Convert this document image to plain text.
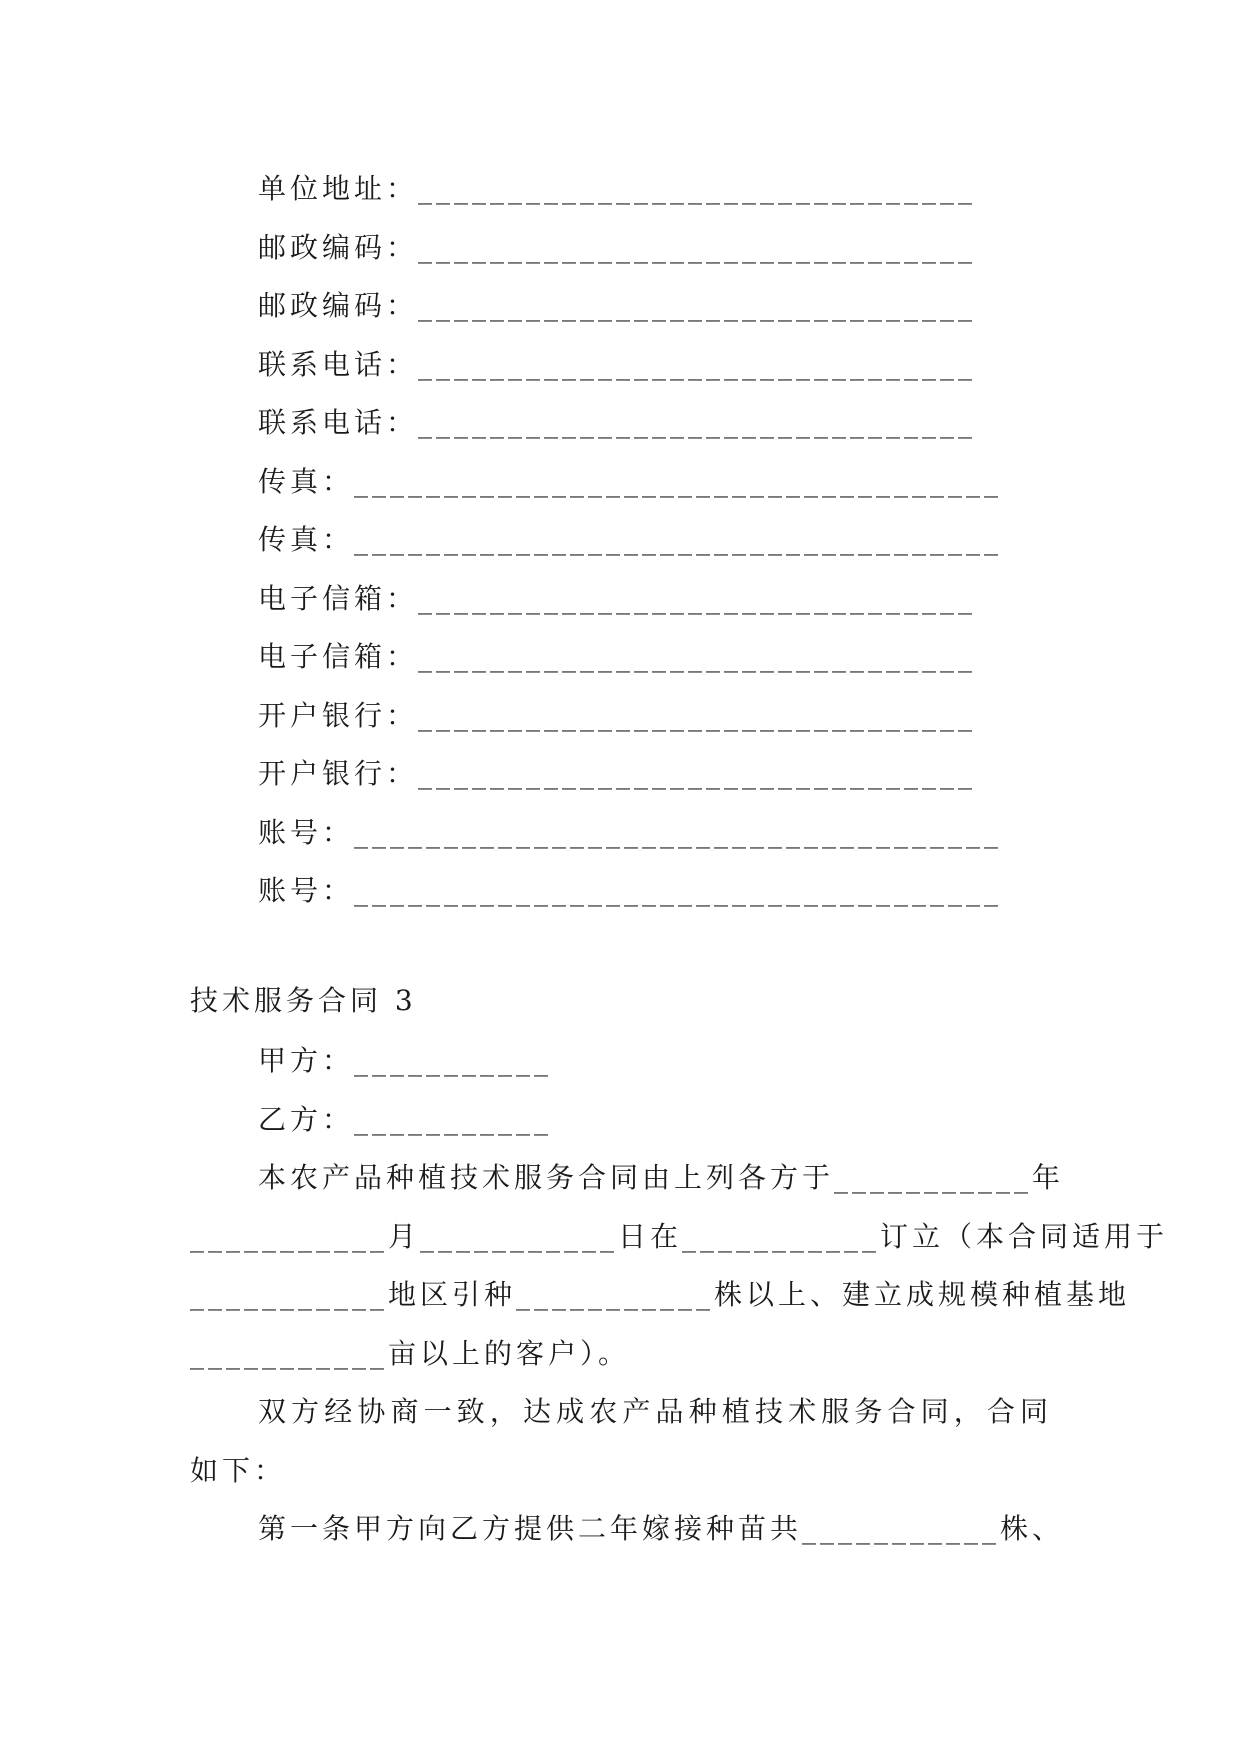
单位地址：_______________________________
邮政编码：_______________________________
邮政编码：_______________________________
联系电话：_______________________________
联系电话：_______________________________
传真：____________________________________
传真：____________________________________
电子信箱：_______________________________
电子信箱：_______________________________
开户银行：_______________________________
开户银行：_______________________________
账号：____________________________________
账号：____________________________________
技术服务合同 3

甲方：___________

乙方：___________

本农产品种植技术服务合同由上列各方于___________年
___________月___________日在___________订立（本合同适用于
___________地区引种___________株以上、建立成规模种植基地
___________亩以上的客户）。
双方经协商一致，达成农产品种植技术服务合同，合同
如下：
第一条甲方向乙方提供二年嫁接种苗共___________株、
